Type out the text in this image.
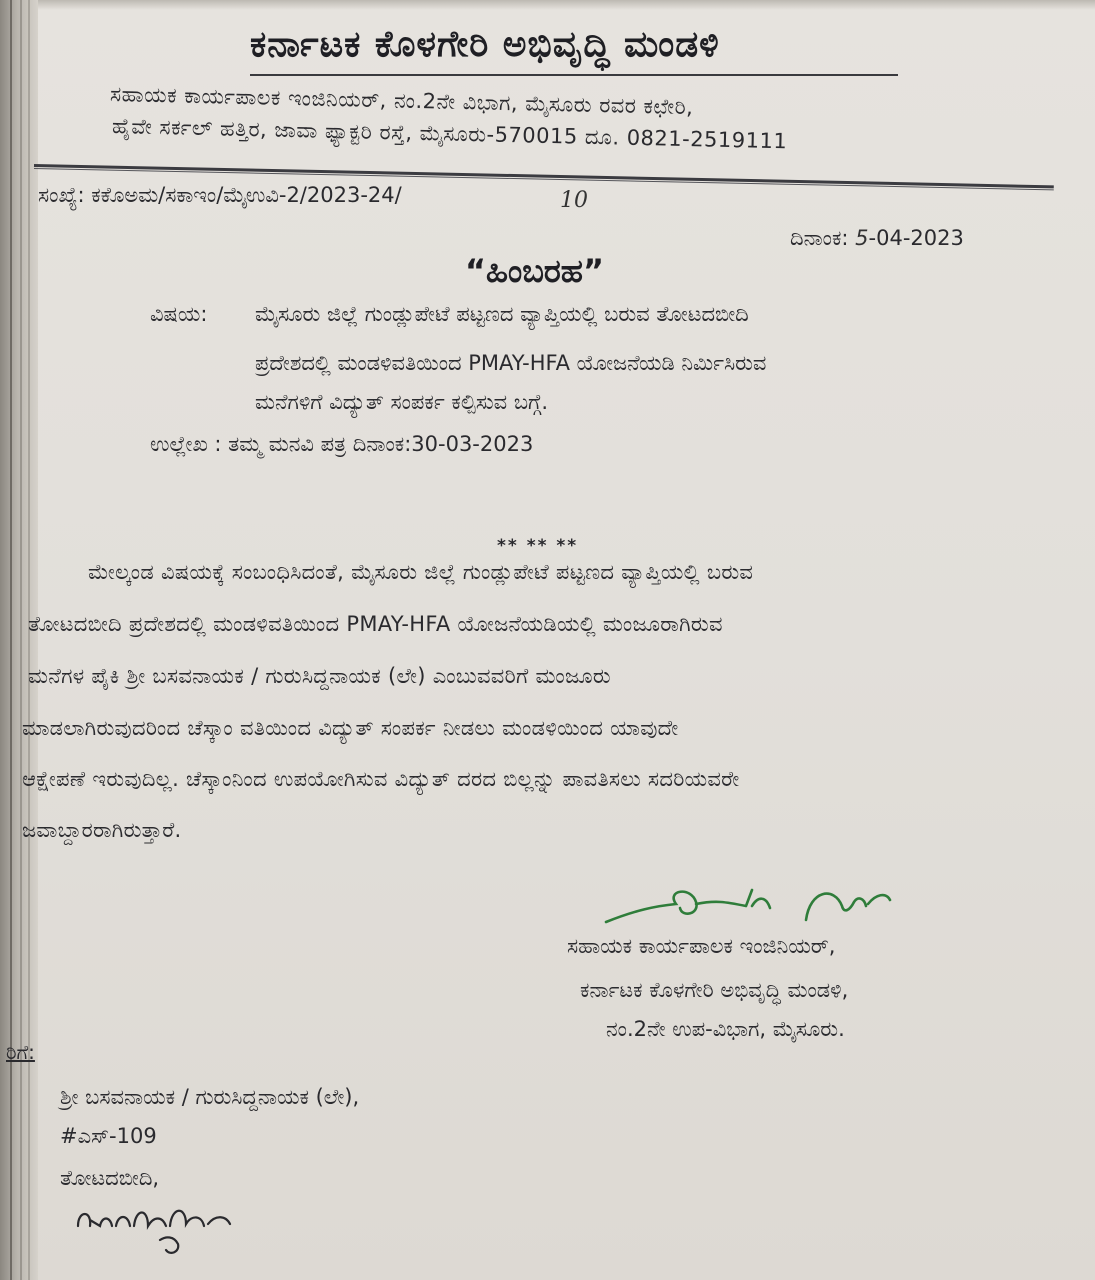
ಕರ್ನಾಟಕ ಕೊಳಗೇರಿ ಅಭಿವೃದ್ಧಿ ಮಂಡಳಿ
ಸಹಾಯಕ ಕಾರ್ಯಪಾಲಕ ಇಂಜಿನಿಯರ್, ನಂ.2ನೇ ವಿಭಾಗ, ಮೈಸೂರು ರವರ ಕಛೇರಿ,
ಹೈವೇ ಸರ್ಕಲ್ ಹತ್ತಿರ, ಜಾವಾ ಫ್ಯಾಕ್ಟರಿ ರಸ್ತೆ, ಮೈಸೂರು-570015 ದೂ. 0821-2519111
ಸಂಖ್ಯೆ: ಕಕೊಅಮ/ಸಕಾಇಂ/ಮೈಉವಿ-2/2023-24/	10
ದಿನಾಂಕ: 5-04-2023
“ಹಿಂಬರಹ”
ವಿಷಯ: ಮೈಸೂರು ಜಿಲ್ಲೆ ಗುಂಡ್ಲುಪೇಟೆ ಪಟ್ಟಣದ ವ್ಯಾಪ್ತಿಯಲ್ಲಿ ಬರುವ ತೋಟದಬೀದಿ
ಪ್ರದೇಶದಲ್ಲಿ ಮಂಡಳಿವತಿಯಿಂದ PMAY-HFA ಯೋಜನೆಯಡಿ ನಿರ್ಮಿಸಿರುವ
ಮನೆಗಳಿಗೆ ವಿದ್ಯುತ್ ಸಂಪರ್ಕ ಕಲ್ಪಿಸುವ ಬಗ್ಗೆ.
ಉಲ್ಲೇಖ : ತಮ್ಮ ಮನವಿ ಪತ್ರ ದಿನಾಂಕ:30-03-2023
** ** **
ಮೇಲ್ಕಂಡ ವಿಷಯಕ್ಕೆ ಸಂಬಂಧಿಸಿದಂತೆ, ಮೈಸೂರು ಜಿಲ್ಲೆ ಗುಂಡ್ಲುಪೇಟೆ ಪಟ್ಟಣದ ವ್ಯಾಪ್ತಿಯಲ್ಲಿ ಬರುವ
ತೋಟದಬೀದಿ ಪ್ರದೇಶದಲ್ಲಿ ಮಂಡಳಿವತಿಯಿಂದ PMAY-HFA ಯೋಜನೆಯಡಿಯಲ್ಲಿ ಮಂಜೂರಾಗಿರುವ
ಮನೆಗಳ ಪೈಕಿ ಶ್ರೀ ಬಸವನಾಯಕ / ಗುರುಸಿದ್ದನಾಯಕ (ಲೇ) ಎಂಬುವವರಿಗೆ ಮಂಜೂರು
ಮಾಡಲಾಗಿರುವುದರಿಂದ ಚೆಸ್ಕಾಂ ವತಿಯಿಂದ ವಿದ್ಯುತ್ ಸಂಪರ್ಕ ನೀಡಲು ಮಂಡಳಿಯಿಂದ ಯಾವುದೇ
ಆಕ್ಷೇಪಣೆ ಇರುವುದಿಲ್ಲ. ಚೆಸ್ಕಾಂನಿಂದ ಉಪಯೋಗಿಸುವ ವಿದ್ಯುತ್ ದರದ ಬಿಲ್ಲನ್ನು ಪಾವತಿಸಲು ಸದರಿಯವರೇ
ಜವಾಬ್ದಾರರಾಗಿರುತ್ತಾರೆ.
ಸಹಾಯಕ ಕಾರ್ಯಪಾಲಕ ಇಂಜಿನಿಯರ್,
ಕರ್ನಾಟಕ ಕೊಳಗೇರಿ ಅಭಿವೃದ್ಧಿ ಮಂಡಳಿ,
ನಂ.2ನೇ ಉಪ-ವಿಭಾಗ, ಮೈಸೂರು.
ರಿಗೆ:
ಶ್ರೀ ಬಸವನಾಯಕ / ಗುರುಸಿದ್ದನಾಯಕ (ಲೇ),
#ಎಸ್-109
ತೋಟದಬೀದಿ,
